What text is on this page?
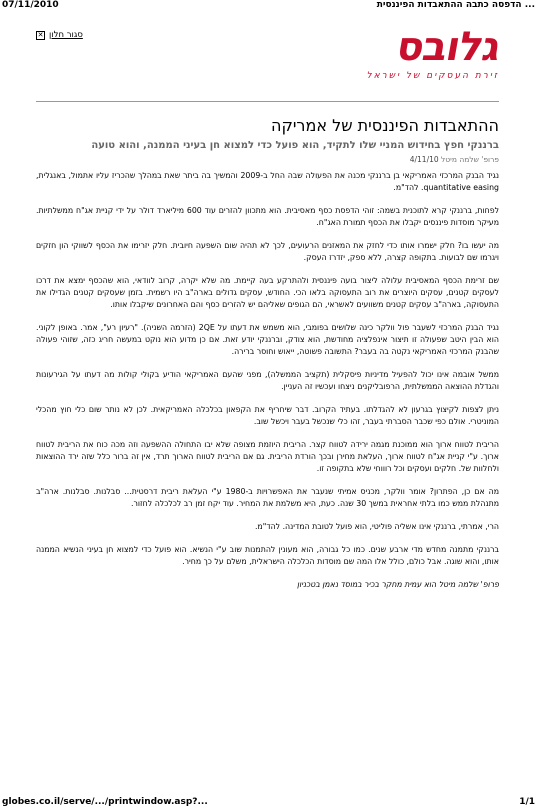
07/11/2010	... הדפסה כתבה ההתאבדות הפיננסית
✕ סגור חלון	גלובס
זירת העסקים של ישראל
ההתאבדות הפיננסית של אמריקה
ברננקי חפץ בחידוש המניי שלו לתקיד, הוא פועל כדי למצוא חן בעיני הממנה, והוא טועה
פרופ' שלמה מיטל 4/11/10
נגיד הבנק המרכזי האמריקאי בן ברננקי מכנה את הפעולה שבה החל ב-2009 והמשיך בה ביתר שאת במהלך שהכריז עליו אתמול, באנגלית, quantitative easing. להד"מ.
לפחות, ברננקי קרא לתוכנית בשמה: זוהי הדפסת כסף מאסיבית. הוא מתכוון להזרים עוד 600 מיליארד דולר על ידי קניית אג"ח ממשלתיות. מעיקר מוסדות פיננסים יקבלו את הכסף תמורת האג"ח.
מה יעשו בו? חלק ישמרו אותו כדי לחזק את המאזנים הרעועים, לכך לא תהיה שום השפעה חיובית. חלק יזרימו את הכסף לשווקי הון חזקים ויגרמו שם לבועות. בתקופה קצרה, ללא ספק, יזדרז העסק.
שם זרימת הכסף המאסיבית עלולה ליצור בועה פיננסית ולהתרקע בעה קיימת. מה שלא יקרה, קרוב לוודאי, הוא שהכסף ימצא את דרכו לעסקים קטנים, עסקים היוצרים את רוב התעסוקה בלאו הכי. החודש, עסקים גדולים בארה"ב היו רשמית. בזמן שעסקים קטנים הגדילו את התעסוקה, בארה"ב עסקים קטנים משוועים לאשראי, הם הגופים שאליהם יש להזרים כסף והם האחרונים שיקבלו אותו.
נגיד הבנק המרכזי לשעבר פול וולקר כינה שלושים בפומבי, הוא משמש את דעתו על 2QE (הזרמה השניה). "רעיון רע", אמר. באופן לקוני. הוא הבין היטב שפעולה זו תיצור אינפלציה מחודשת, הוא צודק, וברננקי יודע זאת. אם כן מדוע הוא נוקט במעשה חריג כזה, שזוהי פעולה שהבנק המרכזי האמריקאי נקטה בה בעבר? התשובה פשוטה, ייאוש וחוסר ברירה.
ממשל אובמה אינו יכול להפעיל מדיניות פיסקלית (תקציב הממשלה), מפני שהעם האמריקאי הודיע בקולי קולות מה דעתו על הגירעונות והגדלת ההוצאה הממשלתית, הרפובליקנים ניצחו ועכשיו זה העניין.
ניתן לצפות לקיצוץ בגרעון לא להגדלתו. בעתיד הקרוב. דבר שיחריף את הקפאון בכלכלה האמריקאית. לכן לא נותר שום כלי חוץ מהכלי המוניטרי. אולם כפי שכבר הסברתי בעבר, זהו כלי שנכשל בעבר ויכשל שוב.
הריבית לטווח ארוך הוא ממוכנת מגמה ירידה לטווח קצר. הריבית היוזמת מצופה שלא יבו התחולה ההשפעה וזה מכה כוח את הריבית לטווח ארוך. ע"י קניית אג"ח לטווח ארוך, העלאת מחירן ובכך הורדת הריבית. גם אם הריבית לטווח הארוך תרד, אין זה ברור כלל שזה ירד ההוצאות ולחלוות של. חלקים ועסקים וכל רוווחי שלא בתקופה זו.
מה אם כן, הפתרון? אומר וולקר, מכניס אמיתי שנעבר את האפשרויות ב-1980 ע"י העלאת ריבית דרסטית... סבלנות. סבלנות. ארה"ב מתנהלת ממש כמו בלתי אחראית במשך 30 שנה. כעת, היא משלמת את המחיר. עוד יקח זמן רב לכלכלה לחזור.
הרי, אמרתי, ברננקי אינו אשליה פוליטי, הוא פועל לטובת המדינה. להד"מ.
ברננקי מתמנה מחדש מדי ארבע שנים. כמו כל גבורה, הוא מעונין להתמנות שוב ע"י הנשיא. הוא פועל כדי למצוא חן בעיני הנשיא הממנה אותו, והוא שוגה. אבל כולם, כולל אלו המה שם מוסדות הכלכלה הישראלית, משלם על כך מחיר.
פרופ' שלמה מיטל הוא עמית מחקר בכיר במוסד נאמן בטכניון
globes.co.il/serve/.../printwindow.asp?...	1/1
